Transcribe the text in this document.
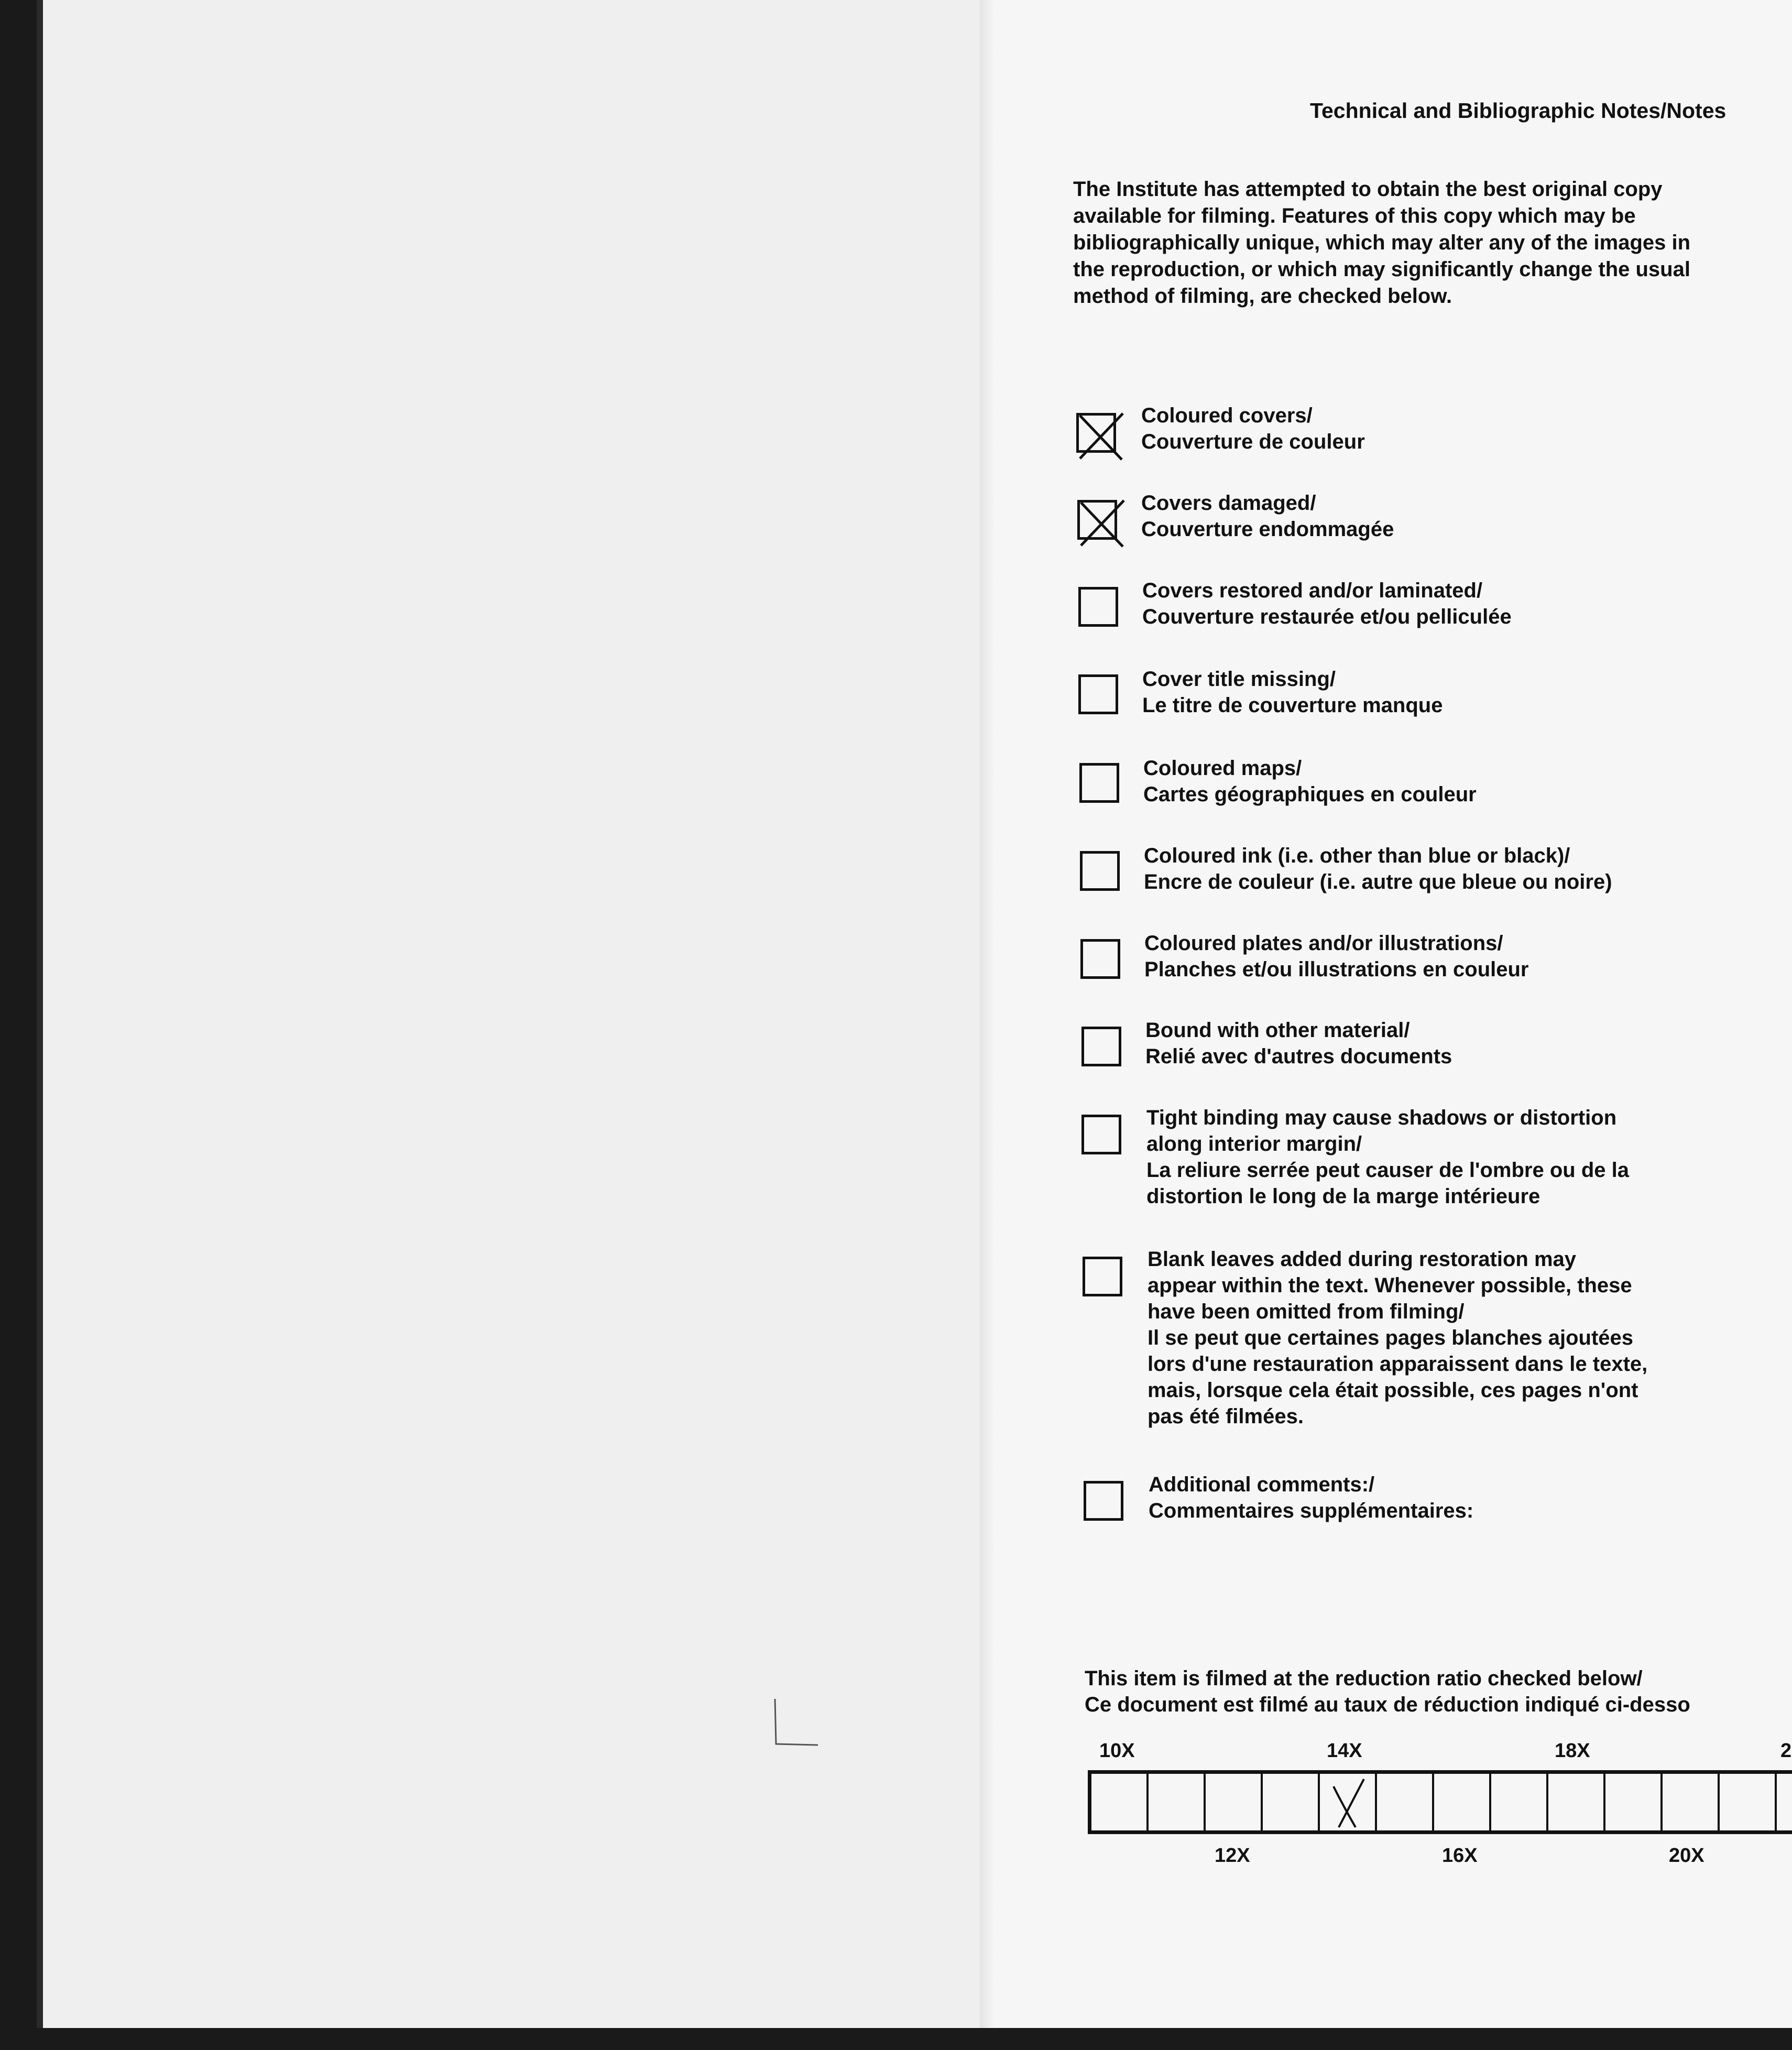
Technical and Bibliographic Notes/Notes
The Institute has attempted to obtain the best original copy available for filming. Features of this copy which may be bibliographically unique, which may alter any of the images in the reproduction, or which may significantly change the usual method of filming, are checked below.
Coloured covers/
Couverture de couleur
Covers damaged/
Couverture endommagée
Covers restored and/or laminated/
Couverture restaurée et/ou pelliculée
Cover title missing/
Le titre de couverture manque
Coloured maps/
Cartes géographiques en couleur
Coloured ink (i.e. other than blue or black)/
Encre de couleur (i.e. autre que bleue ou noire)
Coloured plates and/or illustrations/
Planches et/ou illustrations en couleur
Bound with other material/
Relié avec d'autres documents
Tight binding may cause shadows or distortion
along interior margin/
La reliure serrée peut causer de l'ombre ou de la
distortion le long de la marge intérieure
Blank leaves added during restoration may
appear within the text. Whenever possible, these
have been omitted from filming/
Il se peut que certaines pages blanches ajoutées
lors d'une restauration apparaissent dans le texte,
mais, lorsque cela était possible, ces pages n'ont
pas été filmées.
Additional comments:/
Commentaires supplémentaires:
This item is filmed at the reduction ratio checked below/
Ce document est filmé au taux de réduction indiqué ci-desso
10X	14X	18X	2
12X	16X	20X
